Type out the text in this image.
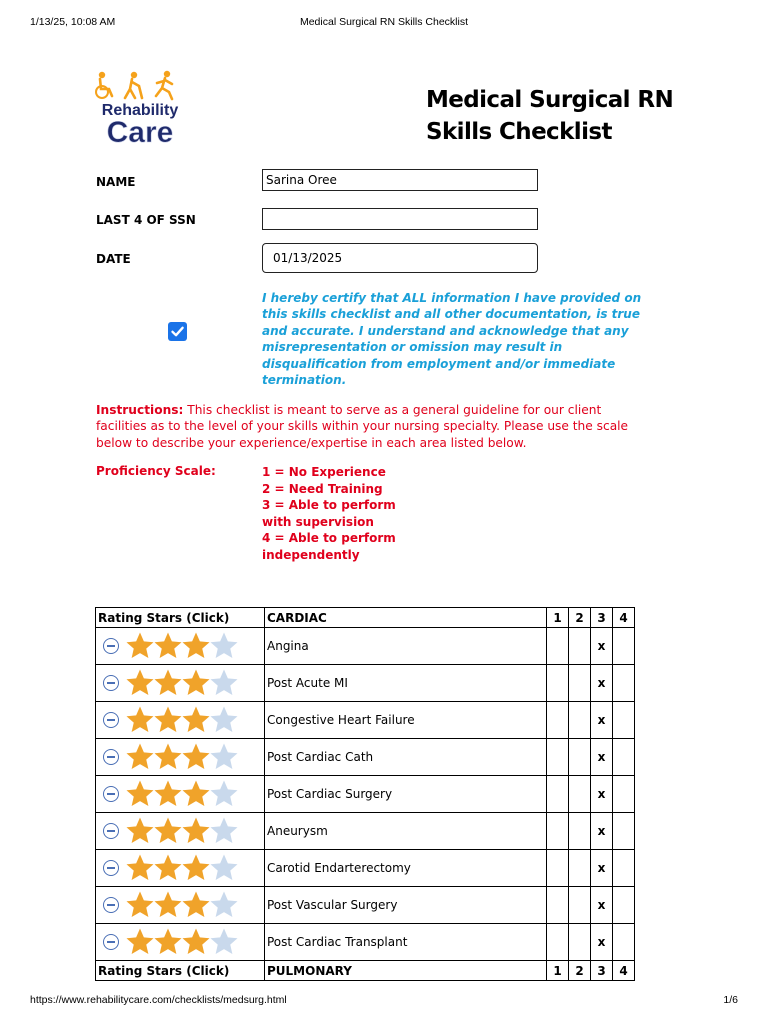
1/13/25, 10:08 AM	Medical Surgical RN Skills Checklist
Rehability
Care
Medical Surgical RN
Skills Checklist
NAME	Sarina Oree
LAST 4 OF SSN
DATE	01/13/2025
I hereby certify that ALL information I have provided on this skills checklist and all other documentation, is true and accurate. I understand and acknowledge that any misrepresentation or omission may result in disqualification from employment and/or immediate termination.
Instructions: This checklist is meant to serve as a general guideline for our client facilities as to the level of your skills within your nursing specialty. Please use the scale below to describe your experience/expertise in each area listed below.
Proficiency Scale:	1 = No Experience
2 = Need Training
3 = Able to perform with supervision
4 = Able to perform independently
Rating Stars (Click)	CARDIAC	1	2	3	4

	Angina			x	

	Post Acute MI			x	

	Congestive Heart Failure			x	

	Post Cardiac Cath			x	

	Post Cardiac Surgery			x	

	Aneurysm			x	

	Carotid Endarterectomy			x	

	Post Vascular Surgery			x	

	Post Cardiac Transplant			x	
Rating Stars (Click)	PULMONARY	1	2	3	4
https://www.rehabilitycare.com/checklists/medsurg.html	1/6
